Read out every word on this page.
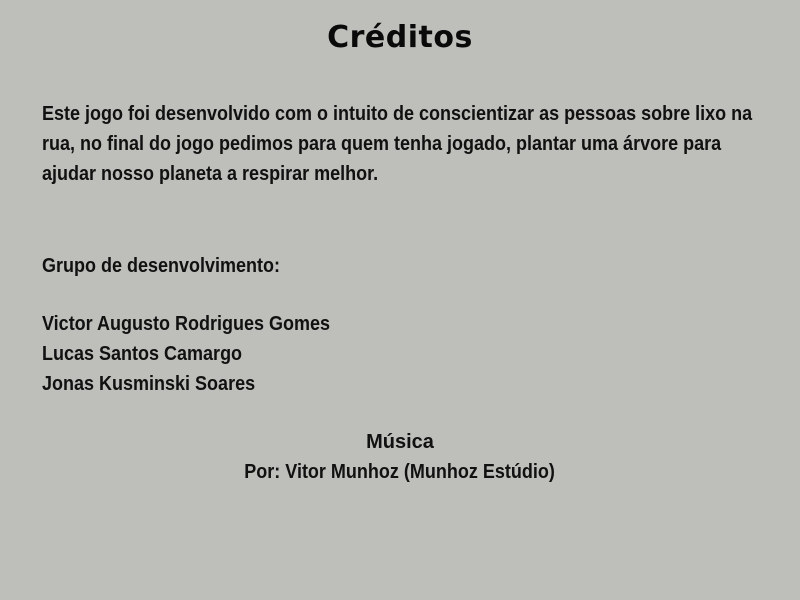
Créditos
Este jogo foi desenvolvido com o intuito de conscientizar as pessoas sobre lixo na rua, no final do jogo pedimos para quem tenha jogado, plantar uma árvore para ajudar nosso planeta a respirar melhor.
Grupo de desenvolvimento:
Victor Augusto Rodrigues Gomes
Lucas Santos Camargo
Jonas Kusminski Soares
Música
Por: Vitor Munhoz (Munhoz Estúdio)
